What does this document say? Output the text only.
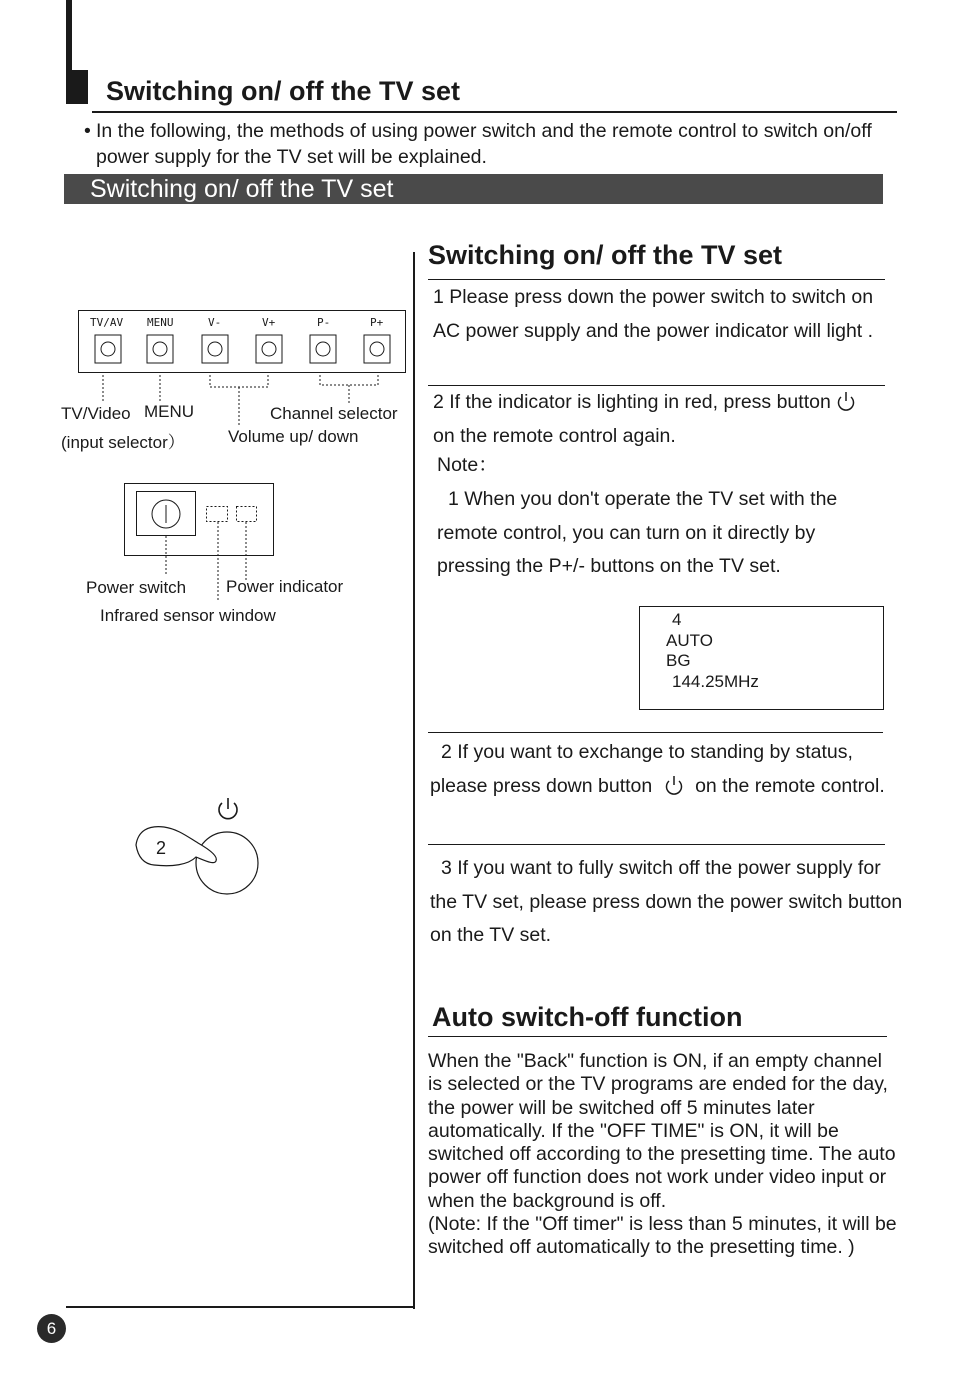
Switching on/ off the TV set

• In the following, the methods of using power switch and the remote control to switch on/off power supply for the TV set will be explained.

Switching on/ off the TV set
TV/AV MENU	V-	V+	P-	P+
TV/Video MENU	Channel selector
(input selector）	Volume up/ down
Power switch Power indicator
Infrared sensor window
2
Switching on/ off the TV set

1 Please press down the power switch to switch on AC power supply and the power indicator will light .

2 If the indicator is lighting in red, press button
on the remote control again.

Note：

1 When you don't operate the TV set with the remote control, you can turn on it directly by pressing the P+/- buttons on the TV set.

4
AUTO
BG
144.25MHz

2 If you want to exchange to standing by status, please press down button on the remote control.

3 If you want to fully switch off the power supply for the TV set, please press down the power switch button on the TV set.

Auto switch-off function

When the "Back" function is ON, if an empty channel is selected or the TV programs are ended for the day, the power will be switched off 5 minutes later automatically. If the "OFF TIME" is ON, it will be switched off according to the presetting time. The auto power off function does not work under video input or when the background is off.
(Note: If the "Off timer" is less than 5 minutes, it will be switched off automatically to the presetting time. )

6
